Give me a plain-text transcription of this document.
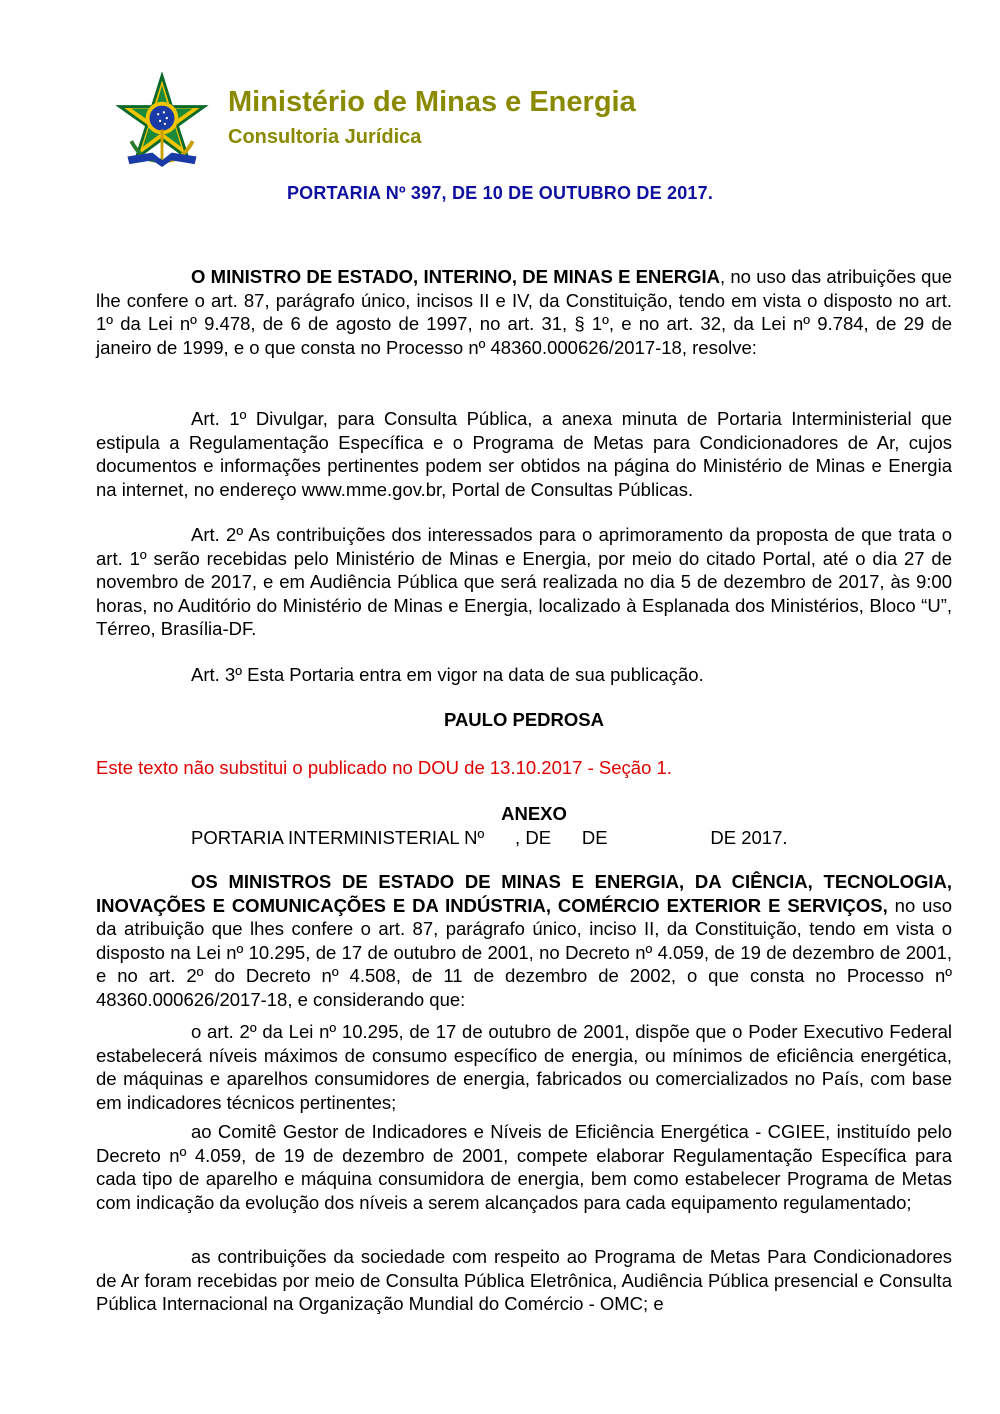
Ministério de Minas e Energia
Consultoria Jurídica
PORTARIA Nº 397, DE 10 DE OUTUBRO DE 2017.

O MINISTRO DE ESTADO, INTERINO, DE MINAS E ENERGIA, no uso das atribuições que lhe confere o art. 87, parágrafo único, incisos II e IV, da Constituição, tendo em vista o disposto no art. 1º da Lei nº 9.478, de 6 de agosto de 1997, no art. 31, § 1º, e no art. 32, da Lei nº 9.784, de 29 de janeiro de 1999, e o que consta no Processo nº 48360.000626/2017-18, resolve:

Art. 1º Divulgar, para Consulta Pública, a anexa minuta de Portaria Interministerial que estipula a Regulamentação Específica e o Programa de Metas para Condicionadores de Ar, cujos documentos e informações pertinentes podem ser obtidos na página do Ministério de Minas e Energia na internet, no endereço www.mme.gov.br, Portal de Consultas Públicas.

Art. 2º As contribuições dos interessados para o aprimoramento da proposta de que trata o art. 1º serão recebidas pelo Ministério de Minas e Energia, por meio do citado Portal, até o dia 27 de novembro de 2017, e em Audiência Pública que será realizada no dia 5 de dezembro de 2017, às 9:00 horas, no Auditório do Ministério de Minas e Energia, localizado à Esplanada dos Ministérios, Bloco “U”, Térreo, Brasília-DF.

Art. 3º Esta Portaria entra em vigor na data de sua publicação.

PAULO PEDROSA

Este texto não substitui o publicado no DOU de 13.10.2017 - Seção 1.

ANEXO

PORTARIA INTERMINISTERIAL Nº      , DE      DE                    DE 2017.

OS MINISTROS DE ESTADO DE MINAS E ENERGIA, DA CIÊNCIA, TECNOLOGIA, INOVAÇÕES E COMUNICAÇÕES E DA INDÚSTRIA, COMÉRCIO EXTERIOR E SERVIÇOS, no uso da atribuição que lhes confere o art. 87, parágrafo único, inciso II, da Constituição, tendo em vista o disposto na Lei nº 10.295, de 17 de outubro de 2001, no Decreto nº 4.059, de 19 de dezembro de 2001, e no art. 2º do Decreto nº 4.508, de 11 de dezembro de 2002, o que consta no Processo nº 48360.000626/2017-18, e considerando que:

o art. 2º da Lei nº 10.295, de 17 de outubro de 2001, dispõe que o Poder Executivo Federal estabelecerá níveis máximos de consumo específico de energia, ou mínimos de eficiência energética, de máquinas e aparelhos consumidores de energia, fabricados ou comercializados no País, com base em indicadores técnicos pertinentes;

ao Comitê Gestor de Indicadores e Níveis de Eficiência Energética - CGIEE, instituído pelo Decreto nº 4.059, de 19 de dezembro de 2001, compete elaborar Regulamentação Específica para cada tipo de aparelho e máquina consumidora de energia, bem como estabelecer Programa de Metas com indicação da evolução dos níveis a serem alcançados para cada equipamento regulamentado;

as contribuições da sociedade com respeito ao Programa de Metas Para Condicionadores de Ar foram recebidas por meio de Consulta Pública Eletrônica, Audiência Pública presencial e Consulta Pública Internacional na Organização Mundial do Comércio - OMC; e
